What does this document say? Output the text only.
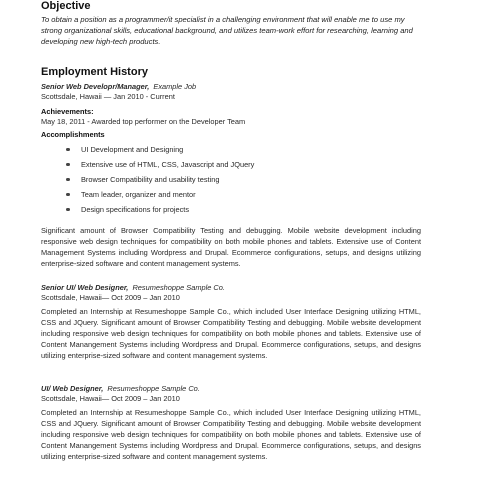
Objective
To obtain a position as a programmer/it specialist in a challenging environment that will enable me to use my strong organizational skills, educational background, and utilizes team-work effort for researching, learning and developing new high-tech products.
Employment History
Senior Web Developr/Manager, Example Job
Scottsdale, Hawaii — Jan 2010 - Current
Achievements:
May 18, 2011 - Awarded top performer on the Developer Team
Accomplishments
UI Development and Designing
Extensive use of HTML, CSS, Javascript and JQuery
Browser Compatibility and usability testing
Team leader, organizer and mentor
Design specifications for projects
Significant amount of Browser Compatibility Testing and debugging. Mobile website development including responsive web design techniques for compatibility on both mobile phones and tablets. Extensive use of Content Management Systems including Wordpress and Drupal. Ecommerce configurations, setups, and designs utilizing enterprise-sized software and content management systems.
Senior UI/ Web Designer, Resumeshoppe Sample Co.
Scottsdale, Hawaii— Oct 2009 – Jan 2010
Completed an Internship at Resumeshoppe Sample Co., which included User Interface Designing utilizing HTML, CSS and JQuery. Significant amount of Browser Compatibility Testing and debugging. Mobile website development including responsive web design techniques for compatibility on both mobile phones and tablets. Extensive use of Content Manangement Systems including Wordpress and Drupal. Ecommerce configurations, setups, and designs utilizing enterprise-sized software and content management systems.
UI/ Web Designer, Resumeshoppe Sample Co.
Scottsdale, Hawaii— Oct 2009 – Jan 2010
Completed an Internship at Resumeshoppe Sample Co., which included User Interface Designing utilizing HTML, CSS and JQuery. Significant amount of Browser Compatibility Testing and debugging. Mobile website development including responsive web design techniques for compatibility on both mobile phones and tablets. Extensive use of Content Manangement Systems including Wordpress and Drupal. Ecommerce configurations, setups, and designs utilizing enterprise-sized software and content management systems.
